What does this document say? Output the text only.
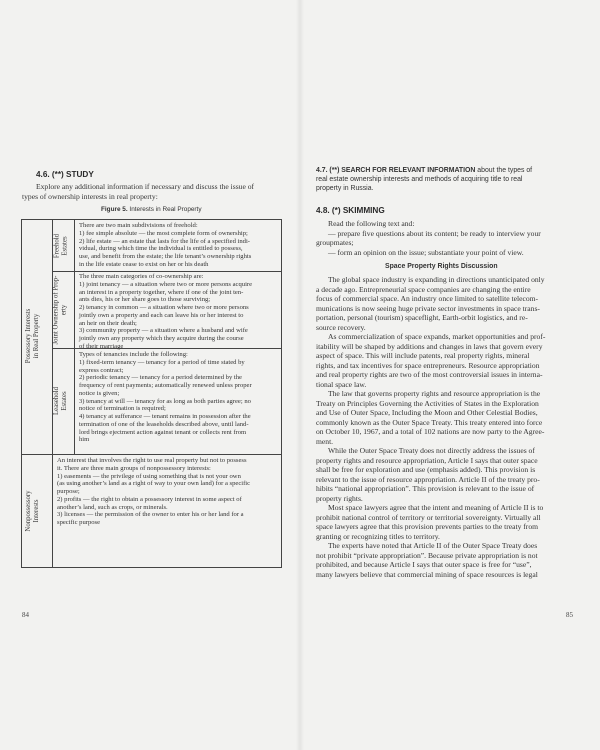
4.6. (**) STUDY
Explore any additional information if necessary and discuss the issue of
types of ownership interests in real property:
Figure 5. Interests in Real Property
Possessory Interests in Real Property
Nonpossessory Interests
Freehold Estates
Joint Ownership of Prop- erty
Leasehold Estates
There are two main subdivisions of freehold:
1) fee simple absolute — the most complete form of ownership;
2) life estate — an estate that lasts for the life of a specified indi-
vidual, during which time the individual is entitled to possess,
use, and benefit from the estate; the life tenant’s ownership rights
in the life estate cease to exist on her or his death
The three main categories of co-ownership are:
1) joint tenancy — a situation where two or more persons acquire
an interest in a property together, where if one of the joint ten-
ants dies, his or her share goes to those surviving;
2) tenancy in common — a situation where two or more persons
jointly own a property and each can leave his or her interest to
an heir on their death;
3) community property — a situation where a husband and wife
jointly own any property which they acquire during the course
of their marriage
Types of tenancies include the following:
1) fixed-term tenancy — tenancy for a period of time stated by
express contract;
2) periodic tenancy — tenancy for a period determined by the
frequency of rent payments; automatically renewed unless proper
notice is given;
3) tenancy at will — tenancy for as long as both parties agree; no
notice of termination is required;
4) tenancy at sufferance — tenant remains in possession after the
termination of one of the leaseholds described above, until land-
lord brings ejectment action against tenant or collects rent from
him
An interest that involves the right to use real property but not to possess
it. There are three main groups of nonpossessory interests:
1) easements — the privilege of using something that is not your own
(as using another’s land as a right of way to your own land) for a specific
purpose;
2) profits — the right to obtain a possessory interest in some aspect of
another’s land, such as crops, or minerals.
3) licenses — the permission of the owner to enter his or her land for a
specific purpose
84
4.7. (**) SEARCH FOR RELEVANT INFORMATION about the types of
real estate ownership interests and methods of acquiring title to real
property in Russia.
4.8. (*) SKIMMING
Read the following text and:
— prepare five questions about its content; be ready to interview your
groupmates;
— form an opinion on the issue; substantiate your point of view.
Space Property Rights Discussion
The global space industry is expanding in directions unanticipated only
a decade ago. Entrepreneurial space companies are changing the entire
focus of commercial space. An industry once limited to satellite telecom-
munications is now seeing huge private sector investments in space trans-
portation, personal (tourism) spaceflight, Earth-orbit logistics, and re-
source recovery.
As commercialization of space expands, market opportunities and prof-
itability will be shaped by additions and changes in laws that govern every
aspect of space. This will include patents, real property rights, mineral
rights, and tax incentives for space entrepreneurs. Resource appropriation
and real property rights are two of the most controversial issues in interna-
tional space law.
The law that governs property rights and resource appropriation is the
Treaty on Principles Governing the Activities of States in the Exploration
and Use of Outer Space, Including the Moon and Other Celestial Bodies,
commonly known as the Outer Space Treaty. This treaty entered into force
on October 10, 1967, and a total of 102 nations are now party to the Agree-
ment.
While the Outer Space Treaty does not directly address the issues of
property rights and resource appropriation, Article I says that outer space
shall be free for exploration and use (emphasis added). This provision is
relevant to the issue of resource appropriation. Article II of the treaty pro-
hibits “national appropriation”. This provision is relevant to the issue of
property rights.
Most space lawyers agree that the intent and meaning of Article II is to
prohibit national control of territory or territorial sovereignty. Virtually all
space lawyers agree that this provision prevents parties to the treaty from
granting or recognizing titles to territory.
The experts have noted that Article II of the Outer Space Treaty does
not prohibit “private appropriation”. Because private appropriation is not
prohibited, and because Article I says that outer space is free for “use”,
many lawyers believe that commercial mining of space resources is legal
85
